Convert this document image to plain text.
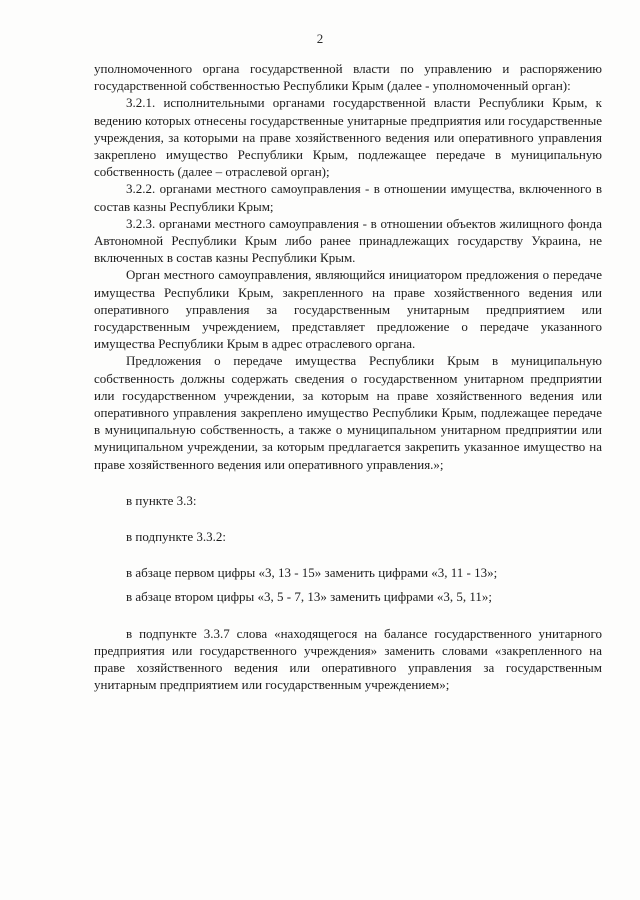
2

уполномоченного органа государственной власти по управлению и распоряжению государственной собственностью Республики Крым (далее - уполномоченный орган):

3.2.1. исполнительными органами государственной власти Республики Крым, к ведению которых отнесены государственные унитарные предприятия или государственные учреждения, за которыми на праве хозяйственного ведения или оперативного управления закреплено имущество Республики Крым, подлежащее передаче в муниципальную собственность (далее – отраслевой орган);

3.2.2. органами местного самоуправления - в отношении имущества, включенного в состав казны Республики Крым;

3.2.3. органами местного самоуправления - в отношении объектов жилищного фонда Автономной Республики Крым либо ранее принадлежащих государству Украина, не включенных в состав казны Республики Крым.

Орган местного самоуправления, являющийся инициатором предложения о передаче имущества Республики Крым, закрепленного на праве хозяйственного ведения или оперативного управления за государственным унитарным предприятием или государственным учреждением, представляет предложение о передаче указанного имущества Республики Крым в адрес отраслевого органа.

Предложения о передаче имущества Республики Крым в муниципальную собственность должны содержать сведения о государственном унитарном предприятии или государственном учреждении, за которым на праве хозяйственного ведения или оперативного управления закреплено имущество Республики Крым, подлежащее передаче в муниципальную собственность, а также о муниципальном унитарном предприятии или муниципальном учреждении, за которым предлагается закрепить указанное имущество на праве хозяйственного ведения или оперативного управления.»;

в пункте 3.3:

в подпункте 3.3.2:

в абзаце первом цифры «3, 13 - 15» заменить цифрами «3, 11 - 13»;

в абзаце втором цифры «3, 5 - 7, 13» заменить цифрами «3, 5, 11»;

в подпункте 3.3.7 слова «находящегося на балансе государственного унитарного предприятия или государственного учреждения» заменить словами «закрепленного на праве хозяйственного ведения или оперативного управления за государственным унитарным предприятием или государственным учреждением»;
